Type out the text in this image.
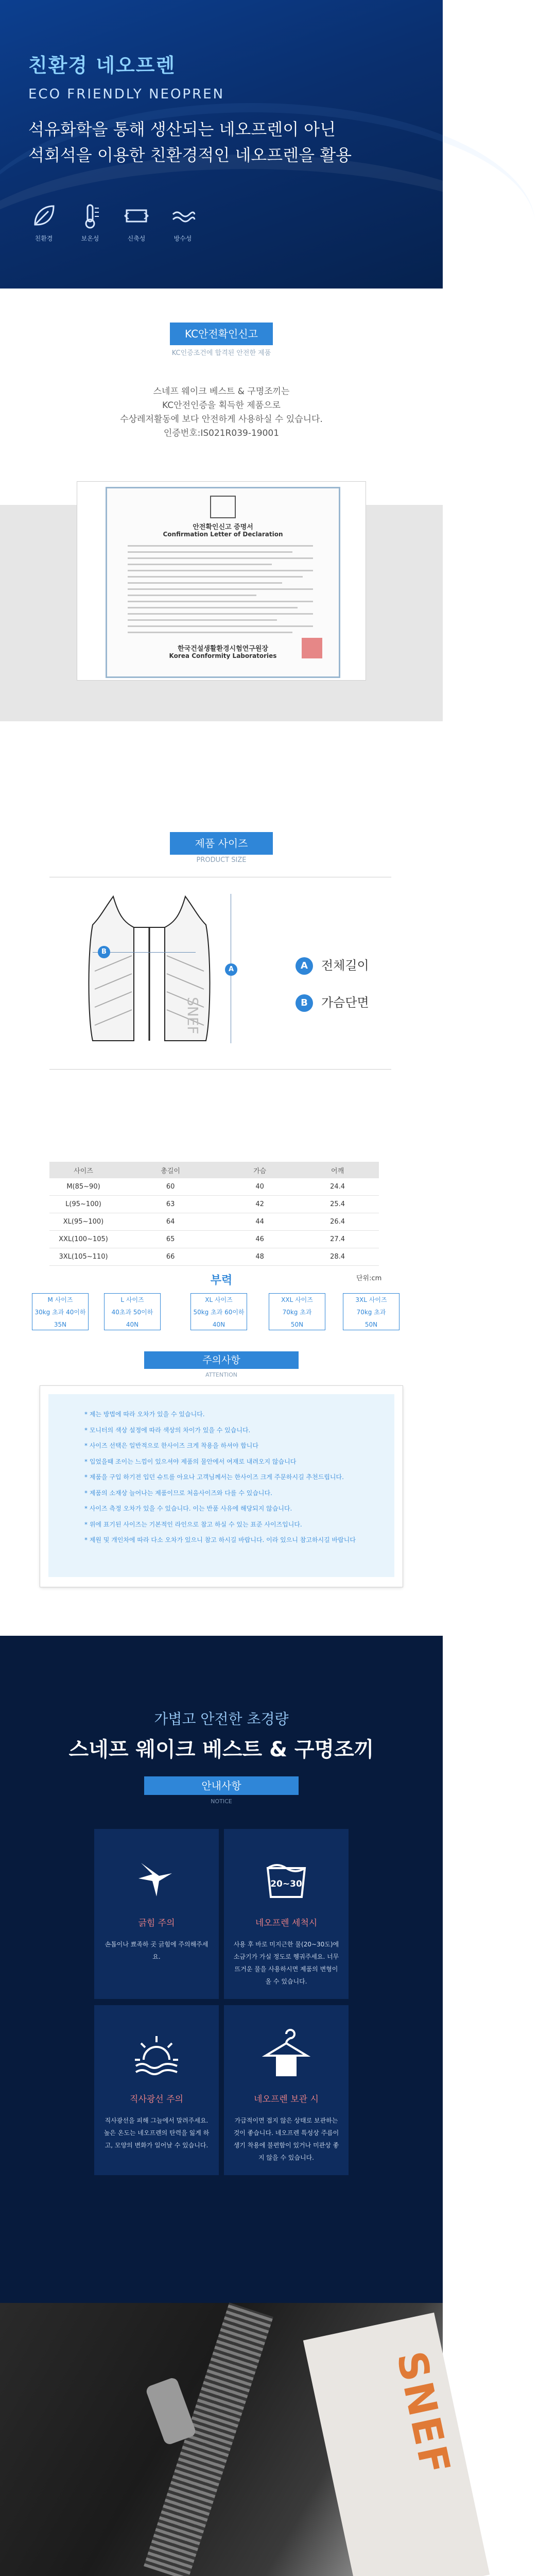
친환경 네오프렌
ECO FRIENDLY NEOPREN
석유화학을 통해 생산되는 네오프렌이 아닌
석회석을 이용한 친환경적인 네오프렌을 활용
친환경	보온성	신축성	방수성
KC안전확인신고
KC인증조건에 합격된 안전한 제품
스네프 웨이크 베스트 & 구명조끼는
KC안전인증을 획득한 제품으로
수상레저활동에 보다 안전하게 사용하실 수 있습니다.
인증번호:IS021R039-19001
안전확인신고 증명서
Confirmation Letter of Declaration
한국건설생활환경시험연구원장
Korea Conformity Laboratories
제품 사이즈
PRODUCT SIZE
SNEF
A
B
A 전체길이
B 가슴단면
사이즈	총길이	가슴	어깨
M(85~90)	60	40	24.4
L(95~100)	63	42	25.4
XL(95~100)	64	44	26.4
XXL(100~105)	65	46	27.4
3XL(105~110)	66	48	28.4
단위:cm
부력
M 사이즈
30kg 초과 40이하
35N
L 사이즈
40초과 50이하
40N
XL 사이즈
50kg 초과 60이하
40N
XXL 사이즈
70kg 초과
50N
3XL 사이즈
70kg 초과
50N
주의사항
ATTENTION
* 제는 방법에 따라 오차가 있을 수 있습니다.
* 모니터의 색상 설정에 따라 색상의 차이가 있을 수 있습니다.
* 사이즈 선택은 일반적으로 한사이즈 크게 착용을 하셔야 합니다
* 입었을때 조이는 느낌이 있으셔야 제품의 물안에서 여재로 내려오지 않습니다
* 제품을 구입 하기전 입던 슈트를 아요나 고객님께서는 한사이즈 크게 주문하시길 추천드립니다.
* 제품의 소재상 늘어나는 제품이므로 처음사이즈와 다를 수 있습니다.
* 사이즈 측정 오차가 있을 수 있습니다. 이는 반품 사유에 해당되지 않습니다.
* 위에 표기된 사이즈는 기본적인 라인으로 참고 하실 수 있는 표준 사이즈입니다.
* 제원 및 개인차에 따라 다소 오차가 있으니 참고 하시길 바랍니다. 이라 있으니 참고하시길 바랍니다
가볍고 안전한 초경량
스네프 웨이크 베스트 & 구명조끼
안내사항
NOTICE
긁힘 주의
손톱이나 뾰족하 곳 긁힘에 주의해주세요.
20~30
네오프렌 세척시
사용 후 바로 미지근한 물(20~30도)에 소금기가 가실 정도로 헹궈주세요. 너무 뜨거운 물을 사용하시면 제품의 변형이 올 수 있습니다.
직사광선 주의
직사광선을 피해 그늘에서 말려주세요. 높은 온도는 네오프렌의 탄력을 잃게 하고, 모양의 변화가 일어날 수 있습니다.
네오프렌 보관 시
가급적이면 접지 않은 상태로 보관하는 것이 좋습니다. 네오프렌 특성상 주름이 생기 착용에 불편함이 있거나 미관상 좋지 않을 수 있습니다.
SNEF
